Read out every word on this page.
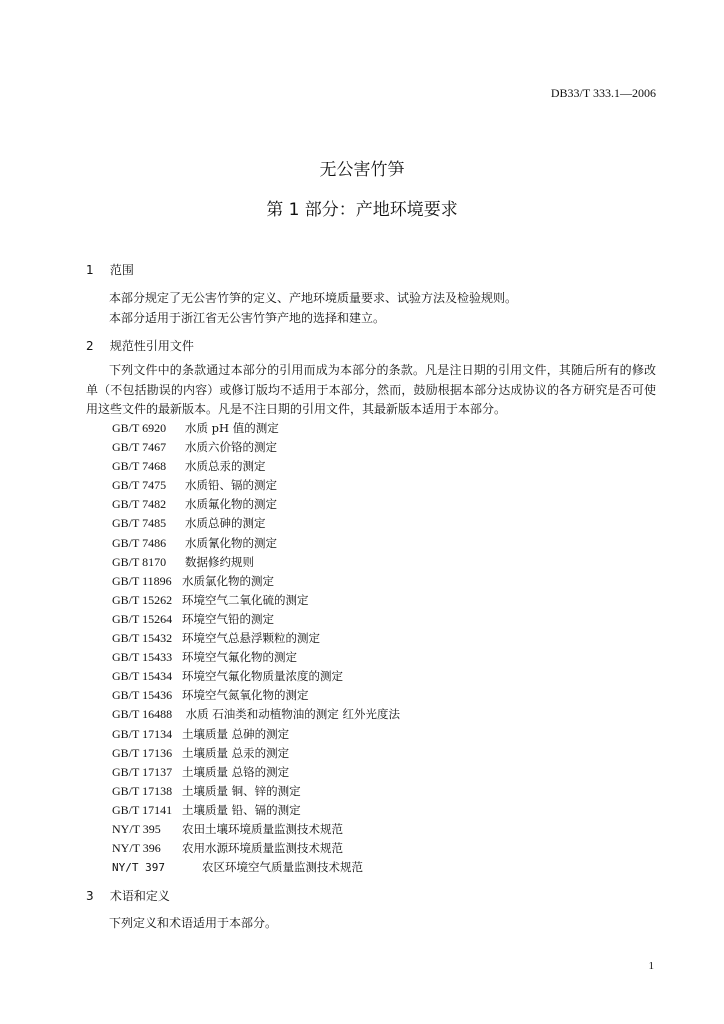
DB33/T 333.1—2006
无公害竹笋
第 1 部分：产地环境要求
1 范围
本部分规定了无公害竹笋的定义、产地环境质量要求、试验方法及检验规则。
本部分适用于浙江省无公害竹笋产地的选择和建立。
2 规范性引用文件
下列文件中的条款通过本部分的引用而成为本部分的条款。凡是注日期的引用文件，其随后所有的修改单（不包括勘误的内容）或修订版均不适用于本部分，然而，鼓励根据本部分达成协议的各方研究是否可使用这些文件的最新版本。凡是不注日期的引用文件，其最新版本适用于本部分。
GB/T 6920 水质 pH 值的测定
GB/T 7467 水质六价铬的测定
GB/T 7468 水质总汞的测定
GB/T 7475 水质铅、镉的测定
GB/T 7482 水质氟化物的测定
GB/T 7485 水质总砷的测定
GB/T 7486 水质氰化物的测定
GB/T 8170 数据修约规则
GB/T 11896 水质氯化物的测定
GB/T 15262 环境空气二氧化硫的测定
GB/T 15264 环境空气铅的测定
GB/T 15432 环境空气总悬浮颗粒的测定
GB/T 15433 环境空气氟化物的测定
GB/T 15434 环境空气氟化物质量浓度的测定
GB/T 15436 环境空气氮氧化物的测定
GB/T 16488 水质 石油类和动植物油的测定 红外光度法
GB/T 17134 土壤质量 总砷的测定
GB/T 17136 土壤质量 总汞的测定
GB/T 17137 土壤质量 总铬的测定
GB/T 17138 土壤质量 铜、锌的测定
GB/T 17141 土壤质量 铅、镉的测定
NY/T 395 农田土壤环境质量监测技术规范
NY/T 396 农用水源环境质量监测技术规范
NY/T 397	农区环境空气质量监测技术规范
3 术语和定义
下列定义和术语适用于本部分。
1
